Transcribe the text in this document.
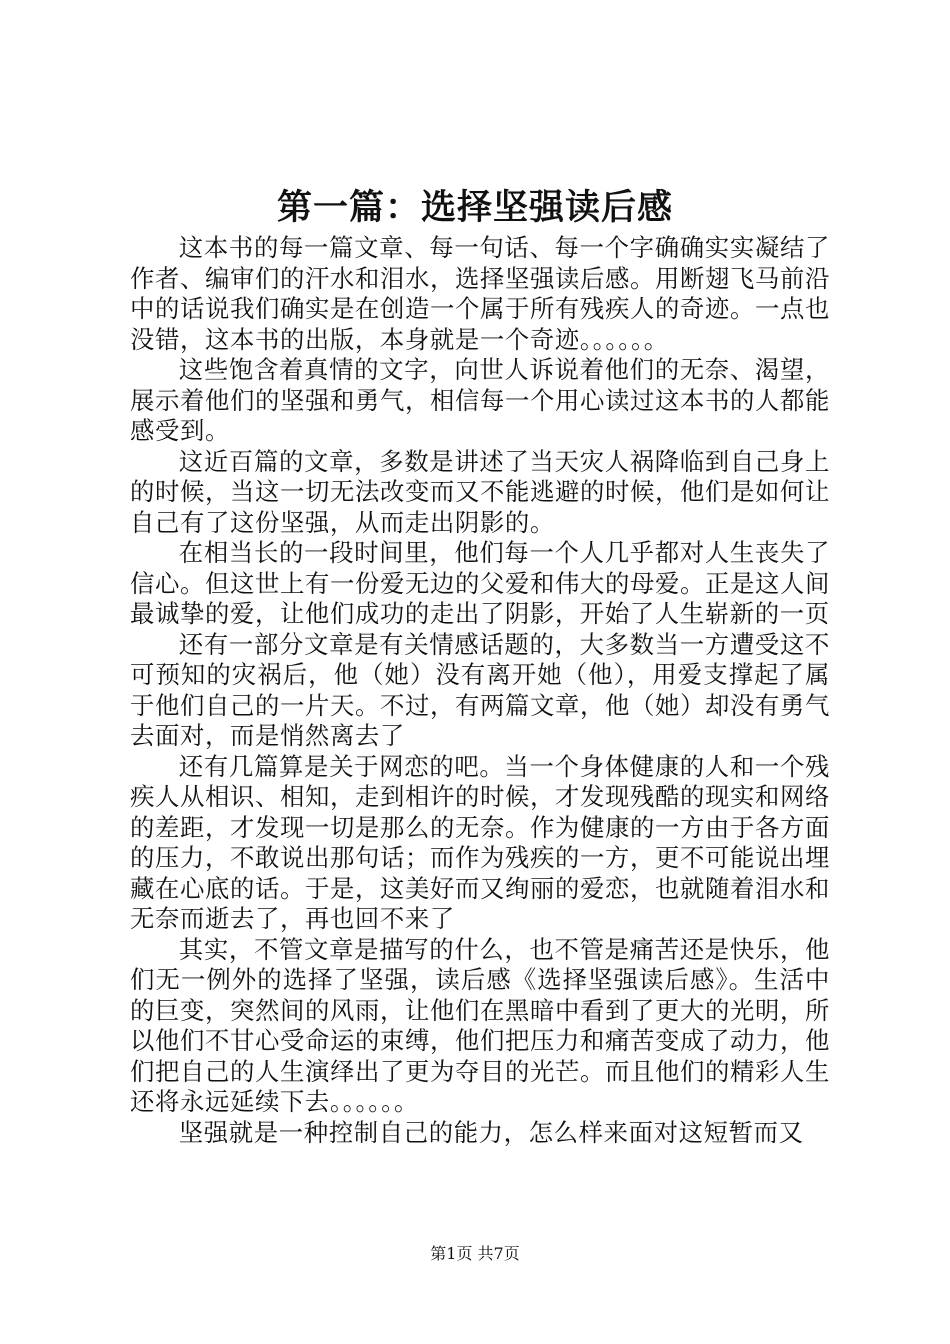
第一篇：选择坚强读后感

这本书的每一篇文章、每一句话、每一个字确确实实凝结了作者、编审们的汗水和泪水，选择坚强读后感。用断翅飞马前沿中的话说我们确实是在创造一个属于所有残疾人的奇迹。一点也没错，这本书的出版，本身就是一个奇迹。。。。。。

这些饱含着真情的文字，向世人诉说着他们的无奈、渴望，展示着他们的坚强和勇气，相信每一个用心读过这本书的人都能感受到。

这近百篇的文章，多数是讲述了当天灾人祸降临到自己身上的时候，当这一切无法改变而又不能逃避的时候，他们是如何让自己有了这份坚强，从而走出阴影的。

在相当长的一段时间里，他们每一个人几乎都对人生丧失了信心。但这世上有一份爱无边的父爱和伟大的母爱。正是这人间最诚挚的爱，让他们成功的走出了阴影，开始了人生崭新的一页

还有一部分文章是有关情感话题的，大多数当一方遭受这不可预知的灾祸后，他（她）没有离开她（他），用爱支撑起了属于他们自己的一片天。不过，有两篇文章，他（她）却没有勇气去面对，而是悄然离去了

还有几篇算是关于网恋的吧。当一个身体健康的人和一个残疾人从相识、相知，走到相许的时候，才发现残酷的现实和网络的差距，才发现一切是那么的无奈。作为健康的一方由于各方面的压力，不敢说出那句话；而作为残疾的一方，更不可能说出埋藏在心底的话。于是，这美好而又绚丽的爱恋，也就随着泪水和无奈而逝去了，再也回不来了

其实，不管文章是描写的什么，也不管是痛苦还是快乐，他们无一例外的选择了坚强，读后感《选择坚强读后感》。生活中的巨变，突然间的风雨，让他们在黑暗中看到了更大的光明，所以他们不甘心受命运的束缚，他们把压力和痛苦变成了动力，他们把自己的人生演绎出了更为夺目的光芒。而且他们的精彩人生还将永远延续下去。。。。。。

坚强就是一种控制自己的能力，怎么样来面对这短暂而又

第1页 共7页
